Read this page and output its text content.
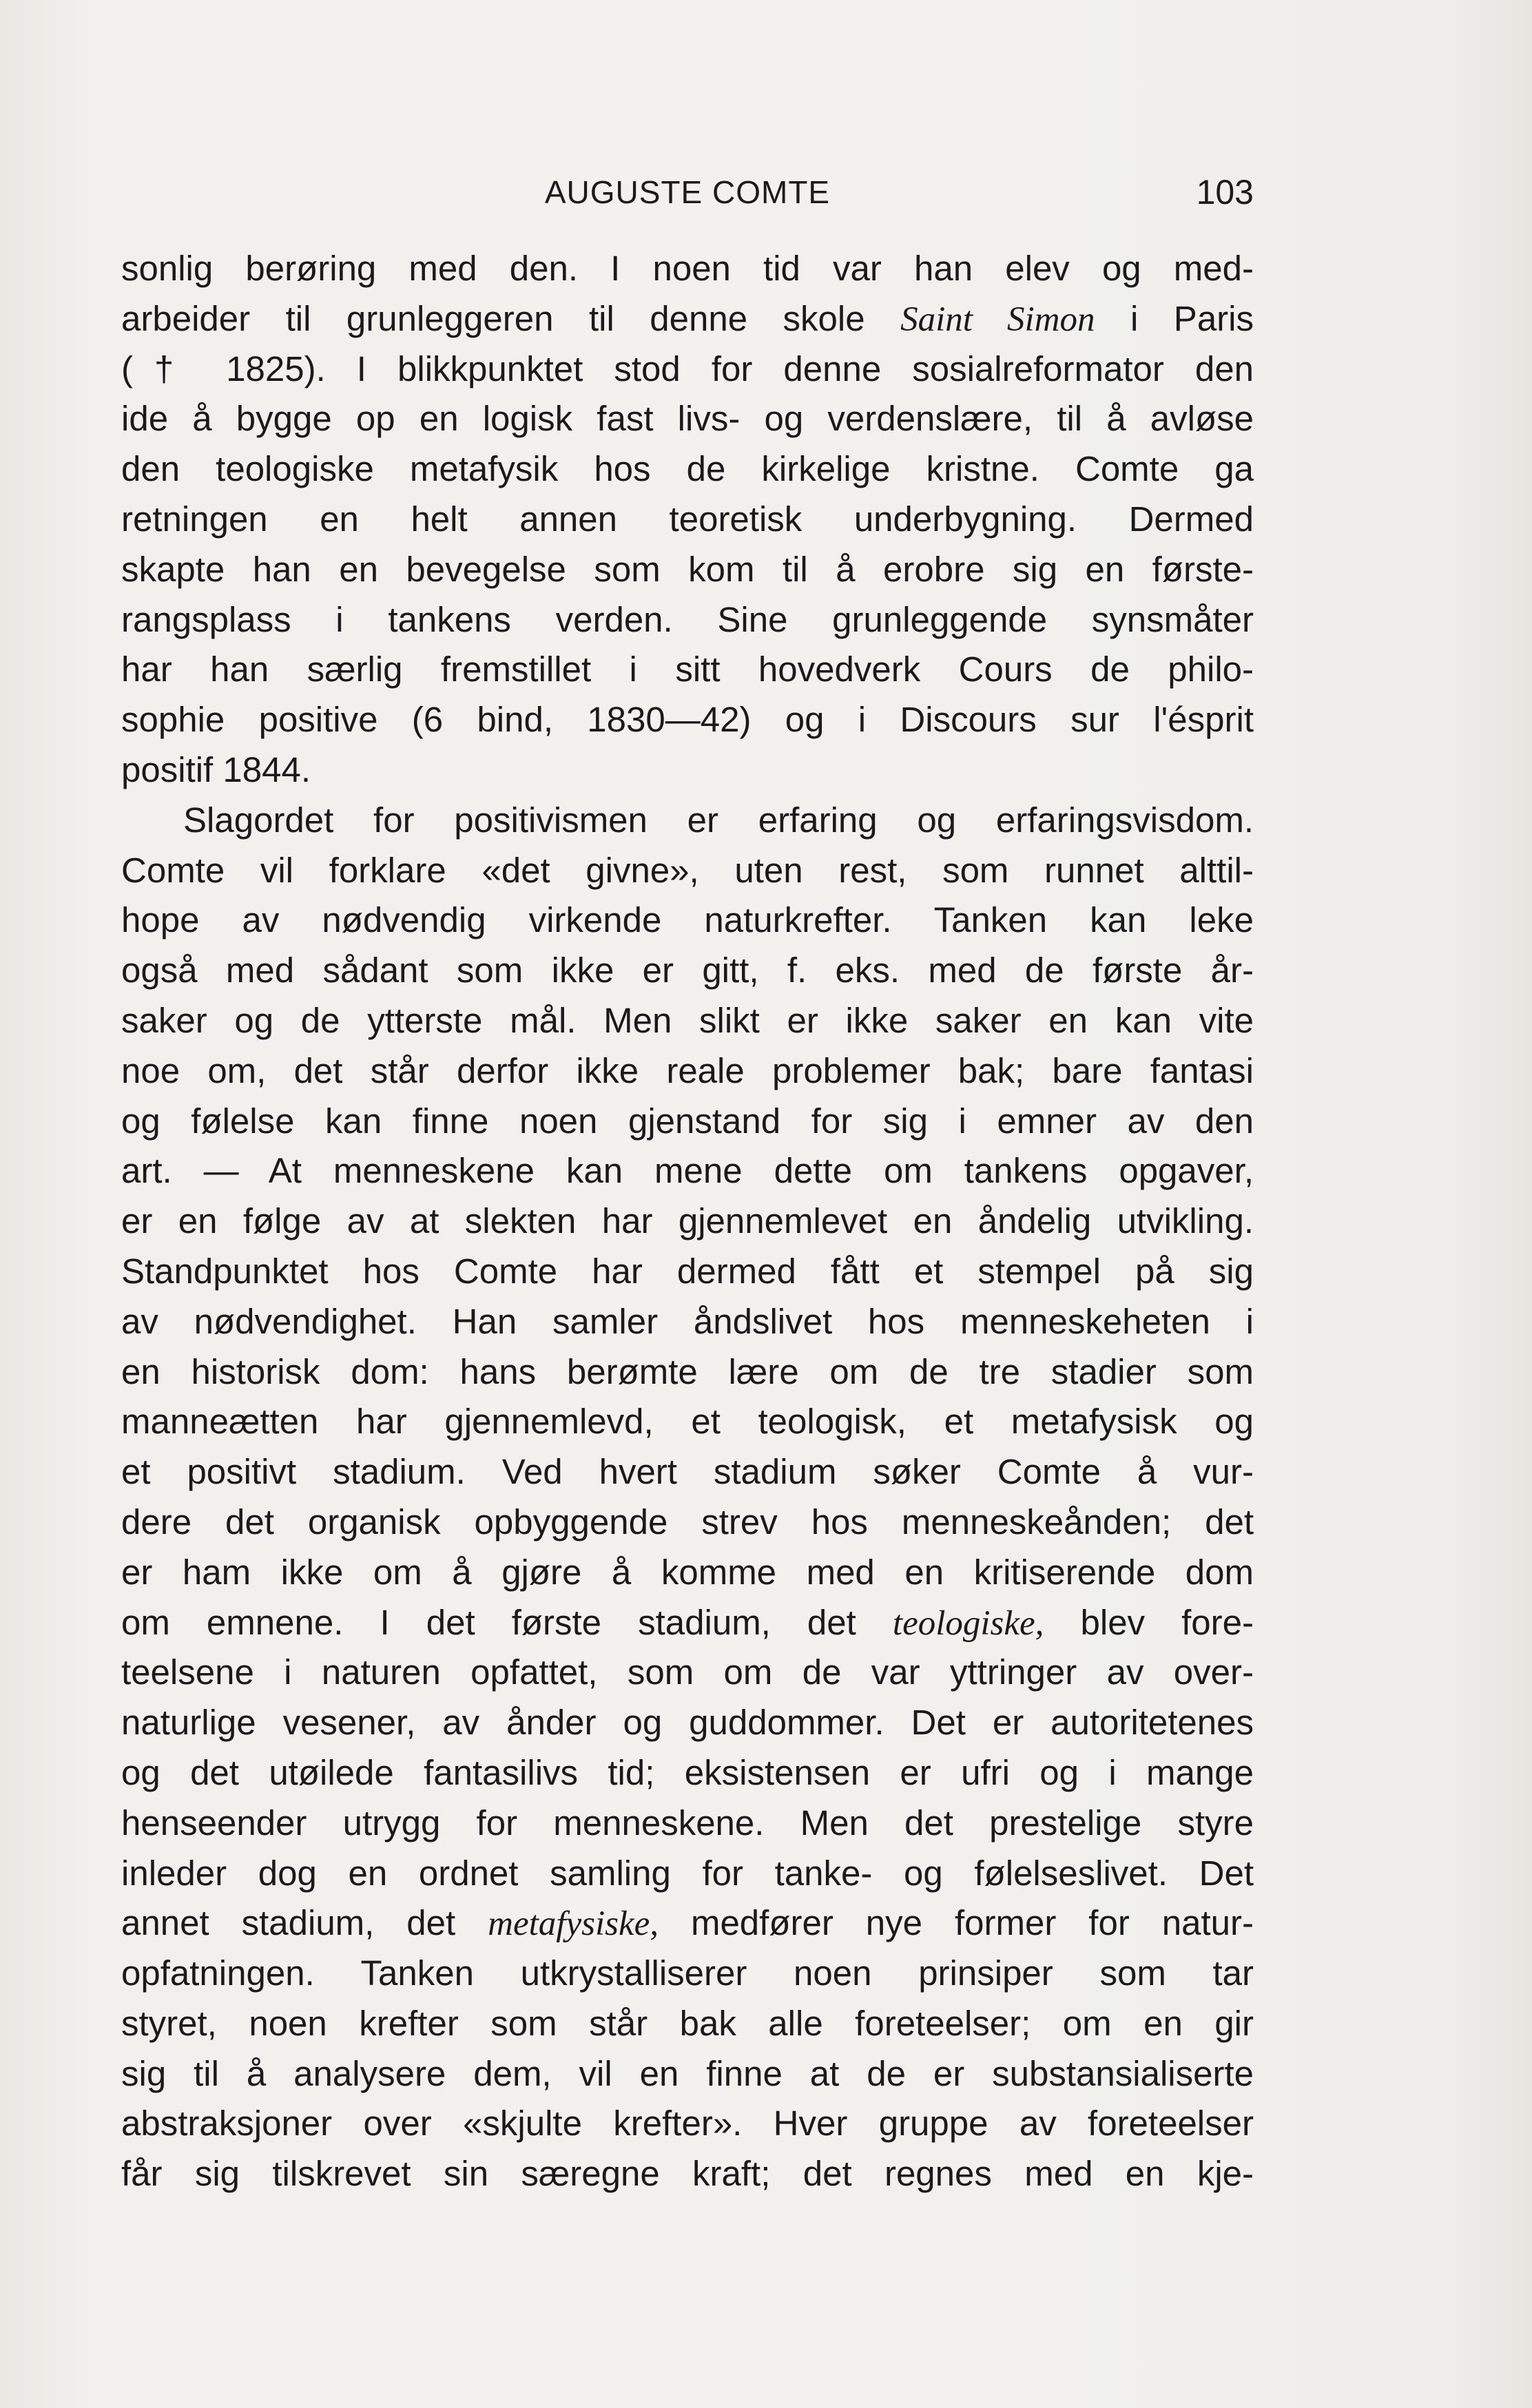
AUGUSTE COMTE	103
sonlig berøring med den. I noen tid var han elev og med-
arbeider til grunleggeren til denne skole Saint Simon i Paris
(† 1825). I blikkpunktet stod for denne sosialreformator den
ide å bygge op en logisk fast livs- og verdenslære, til å avløse
den teologiske metafysik hos de kirkelige kristne. Comte ga
retningen en helt annen teoretisk underbygning. Dermed
skapte han en bevegelse som kom til å erobre sig en første-
rangsplass i tankens verden. Sine grunleggende synsmåter
har han særlig fremstillet i sitt hovedverk Cours de philo-
sophie positive (6 bind, 1830—42) og i Discours sur l'ésprit
positif 1844.
Slagordet for positivismen er erfaring og erfaringsvisdom.
Comte vil forklare «det givne», uten rest, som runnet alttil-
hope av nødvendig virkende naturkrefter. Tanken kan leke
også med sådant som ikke er gitt, f. eks. med de første år-
saker og de ytterste mål. Men slikt er ikke saker en kan vite
noe om, det står derfor ikke reale problemer bak; bare fantasi
og følelse kan finne noen gjenstand for sig i emner av den
art. — At menneskene kan mene dette om tankens opgaver,
er en følge av at slekten har gjennemlevet en åndelig utvikling.
Standpunktet hos Comte har dermed fått et stempel på sig
av nødvendighet. Han samler åndslivet hos menneskeheten i
en historisk dom: hans berømte lære om de tre stadier som
manneætten har gjennemlevd, et teologisk, et metafysisk og
et positivt stadium. Ved hvert stadium søker Comte å vur-
dere det organisk opbyggende strev hos menneskeånden; det
er ham ikke om å gjøre å komme med en kritiserende dom
om emnene. I det første stadium, det teologiske, blev fore-
teelsene i naturen opfattet, som om de var yttringer av over-
naturlige vesener, av ånder og guddommer. Det er autoritetenes
og det utøilede fantasilivs tid; eksistensen er ufri og i mange
henseender utrygg for menneskene. Men det prestelige styre
inleder dog en ordnet samling for tanke- og følelseslivet. Det
annet stadium, det metafysiske, medfører nye former for natur-
opfatningen. Tanken utkrystalliserer noen prinsiper som tar
styret, noen krefter som står bak alle foreteelser; om en gir
sig til å analysere dem, vil en finne at de er substansialiserte
abstraksjoner over «skjulte krefter». Hver gruppe av foreteelser
får sig tilskrevet sin særegne kraft; det regnes med en kje-
